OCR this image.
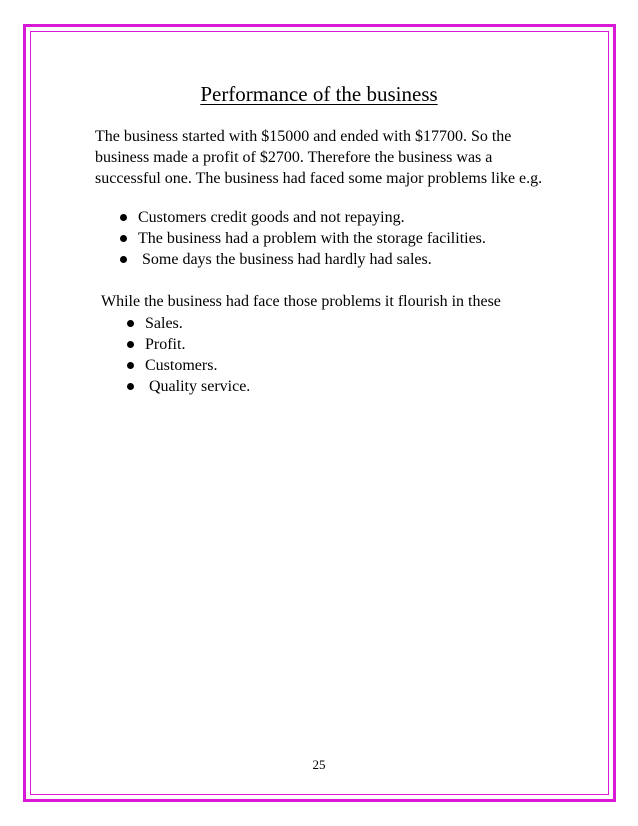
Performance of the business

The business started with $15000 and ended with $17700. So the business made a profit of $2700. Therefore the business was a successful one. The business had faced some major problems like e.g.

Customers credit goods and not repaying.
The business had a problem with the storage facilities.
Some days the business had hardly had sales.

While the business had face those problems it flourish in these

Sales.
Profit.
Customers.
Quality service.
25
